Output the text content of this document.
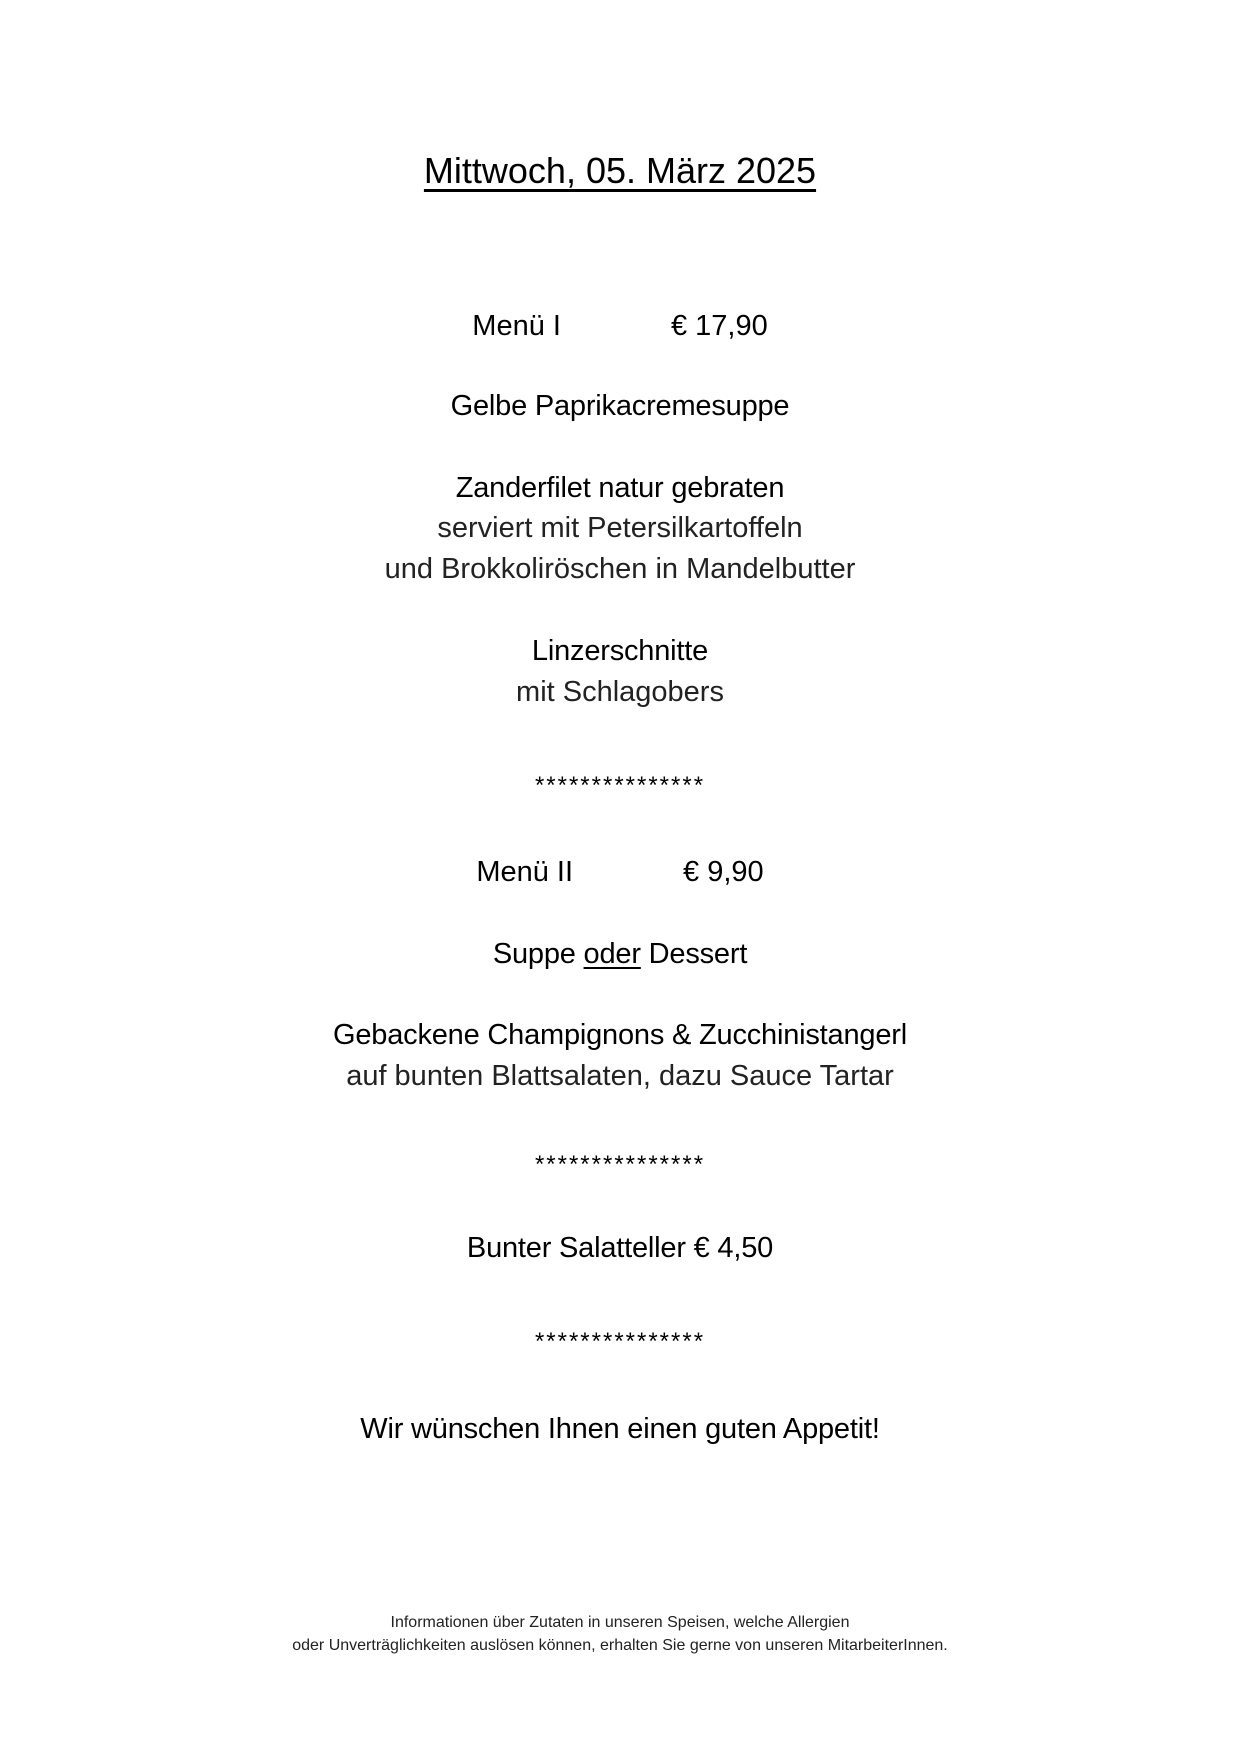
Mittwoch, 05. März 2025
Menü I	€ 17,90
Gelbe Paprikacremesuppe
Zanderfilet natur gebraten
serviert mit Petersilkartoffeln
und Brokkoliröschen in Mandelbutter
Linzerschnitte
mit Schlagobers
***************
Menü II	€ 9,90
Suppe oder Dessert
Gebackene Champignons & Zucchinistangerl
auf bunten Blattsalaten, dazu Sauce Tartar
***************
Bunter Salatteller € 4,50
***************
Wir wünschen Ihnen einen guten Appetit!
Informationen über Zutaten in unseren Speisen, welche Allergien
oder Unverträglichkeiten auslösen können, erhalten Sie gerne von unseren MitarbeiterInnen.
